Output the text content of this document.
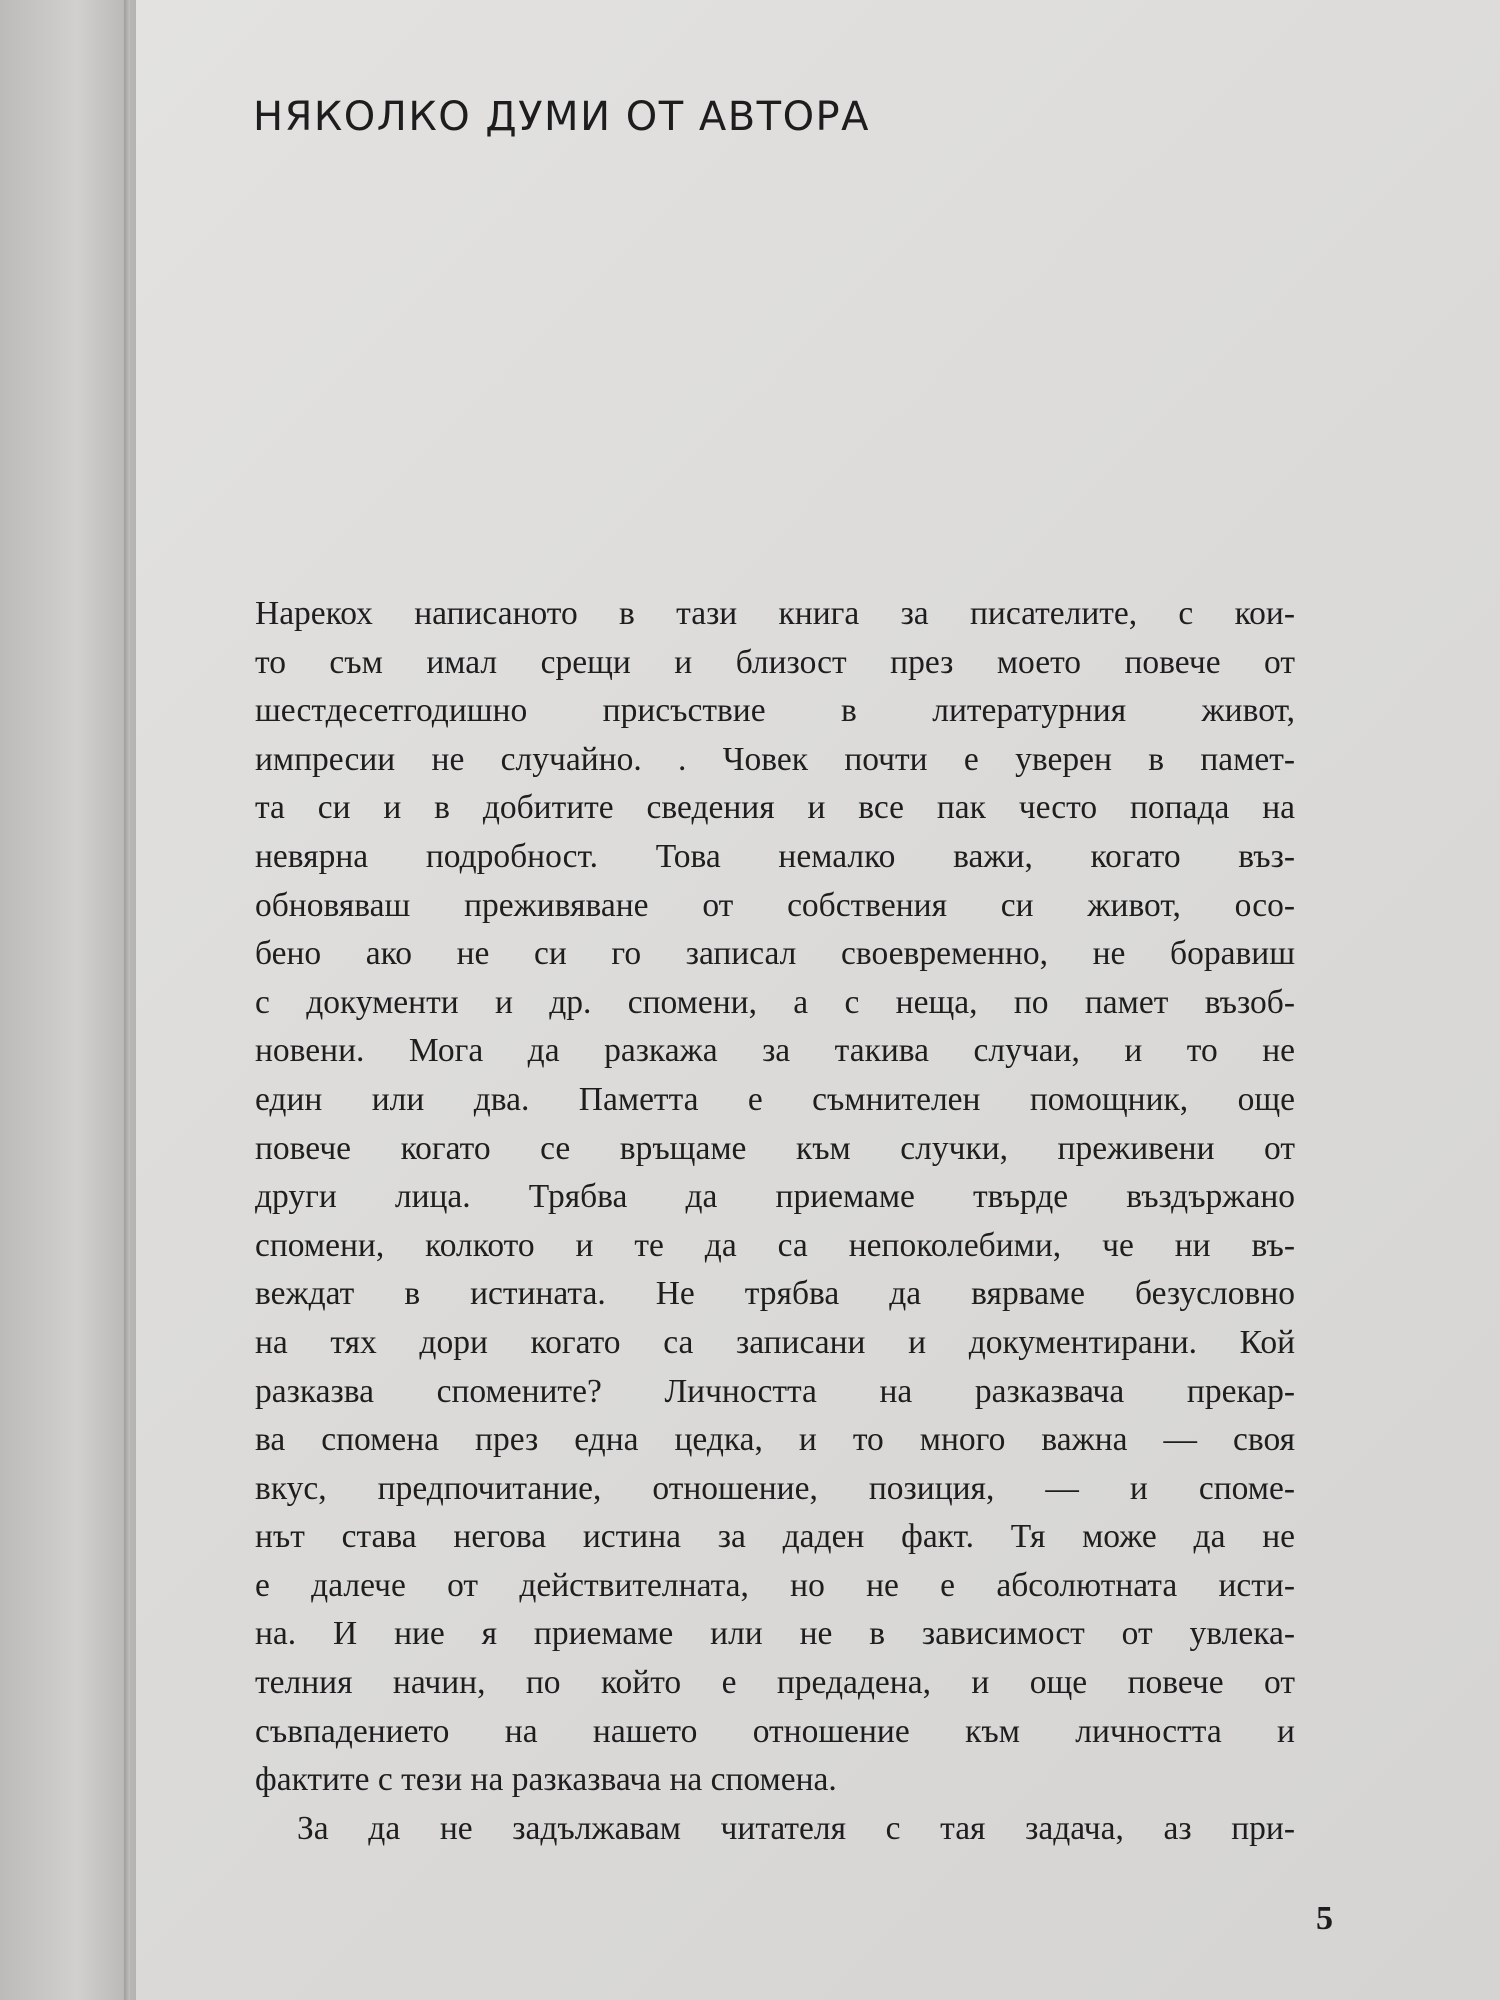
НЯКОЛКО ДУМИ ОТ АВТОРА
Нарекох написаното в тази книга за писателите, с кои-
то съм имал срещи и близост през моето повече от
шестдесетгодишно присъствие в литературния живот,
импресии не случайно. . Човек почти е уверен в памет-
та си и в добитите сведения и все пак често попада на
невярна подробност. Това немалко важи, когато въз-
обновяваш преживяване от собствения си живот, осо-
бено ако не си го записал своевременно, не боравиш
с документи и др. спомени, а с неща, по памет възоб-
новени. Мога да разкажа за такива случаи, и то не
един или два. Паметта е съмнителен помощник, още
повече когато се връщаме към случки, преживени от
други лица. Трябва да приемаме твърде въздържано
спомени, колкото и те да са непоколебими, че ни въ-
веждат в истината. Не трябва да вярваме безусловно
на тях дори когато са записани и документирани. Кой
разказва спомените? Личността на разказвача прекар-
ва спомена през една цедка, и то много важна — своя
вкус, предпочитание, отношение, позиция, — и споме-
нът става негова истина за даден факт. Тя може да не
е далече от действителната, но не е абсолютната исти-
на. И ние я приемаме или не в зависимост от увлека-
телния начин, по който е предадена, и още повече от
съвпадението на нашето отношение към личността и
фактите с тези на разказвача на спомена.
За да не задължавам читателя с тая задача, аз при-
5
